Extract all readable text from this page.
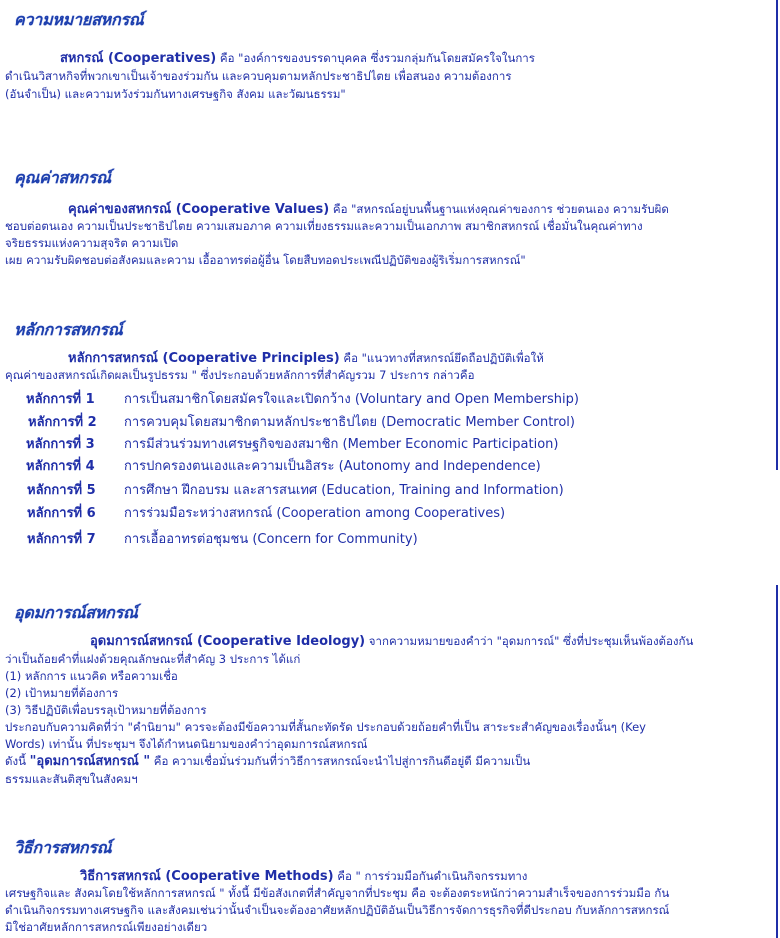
ความหมายสหกรณ์
สหกรณ์ (Cooperatives) คือ "องค์การของบรรดาบุคคล ซึ่งรวมกลุ่มกันโดยสมัครใจในการ
ดำเนินวิสาหกิจที่พวกเขาเป็นเจ้าของร่วมกัน และควบคุมตามหลักประชาธิปไตย เพื่อสนอง ความต้องการ
(อันจำเป็น) และความหวังร่วมกันทางเศรษฐกิจ สังคม และวัฒนธรรม"
คุณค่าสหกรณ์
คุณค่าของสหกรณ์ (Cooperative Values) คือ "สหกรณ์อยู่บนพื้นฐานแห่งคุณค่าของการ ช่วยตนเอง ความรับผิด
ชอบต่อตนเอง ความเป็นประชาธิปไตย ความเสมอภาค ความเที่ยงธรรมและความเป็นเอกภาพ สมาชิกสหกรณ์ เชื่อมั่นในคุณค่าทาง
จริยธรรมแห่งความสุจริต ความเปิด
เผย ความรับผิดชอบต่อสังคมและความ เอื้ออาทรต่อผู้อื่น โดยสืบทอดประเพณีปฏิบัติของผู้ริเริ่มการสหกรณ์"
หลักการสหกรณ์
หลักการสหกรณ์ (Cooperative Principles) คือ "แนวทางที่สหกรณ์ยึดถือปฏิบัติเพื่อให้
คุณค่าของสหกรณ์เกิดผลเป็นรูปธรรม " ซึ่งประกอบด้วยหลักการที่สำคัญรวม 7 ประการ กล่าวคือ
หลักการที่ 1 การเป็นสมาชิกโดยสมัครใจและเปิดกว้าง (Voluntary and Open Membership)
หลักการที่ 2 การควบคุมโดยสมาชิกตามหลักประชาธิปไตย (Democratic Member Control)
หลักการที่ 3 การมีส่วนร่วมทางเศรษฐกิจของสมาชิก (Member Economic Participation)
หลักการที่ 4 การปกครองตนเองและความเป็นอิสระ (Autonomy and Independence)
หลักการที่ 5 การศึกษา ฝึกอบรม และสารสนเทศ (Education, Training and Information)
หลักการที่ 6 การร่วมมือระหว่างสหกรณ์ (Cooperation among Cooperatives)
หลักการที่ 7 การเอื้ออาทรต่อชุมชน (Concern for Community)
อุดมการณ์สหกรณ์
อุดมการณ์สหกรณ์ (Cooperative Ideology) จากความหมายของคำว่า "อุดมการณ์" ซึ่งที่ประชุมเห็นพ้องต้องกัน
ว่าเป็นถ้อยคำที่แฝงด้วยคุณลักษณะที่สำคัญ 3 ประการ ได้แก่
(1) หลักการ แนวคิด หรือความเชื่อ
(2) เป้าหมายที่ต้องการ
(3) วิธีปฏิบัติเพื่อบรรลุเป้าหมายที่ต้องการ
ประกอบกับความคิดที่ว่า "คำนิยาม" ควรจะต้องมีข้อความที่สั้นกะทัดรัด ประกอบด้วยถ้อยคำที่เป็น สาระระสำคัญของเรื่องนั้นๆ (Key
Words) เท่านั้น ที่ประชุมฯ จึงได้กำหนดนิยามของคำว่าอุดมการณ์สหกรณ์
ดังนี้ "อุดมการณ์สหกรณ์ " คือ ความเชื่อมั่นร่วมกันที่ว่าวิธีการสหกรณ์จะนำไปสู่การกินดีอยู่ดี มีความเป็น
ธรรมและสันติสุขในสังคมฯ
วิธีการสหกรณ์
วิธีการสหกรณ์ (Cooperative Methods) คือ " การร่วมมือกันดำเนินกิจกรรมทาง
เศรษฐกิจและ สังคมโดยใช้หลักการสหกรณ์ " ทั้งนี้ มีข้อสังเกตที่สำคัญจากที่ประชุม คือ จะต้องตระหนักว่าความสำเร็จของการร่วมมือ กัน
ดำเนินกิจกรรมทางเศรษฐกิจ และสังคมเช่นว่านั้นจำเป็นจะต้องอาศัยหลักปฏิบัติอันเป็นวิธีการจัดการธุรกิจที่ดีประกอบ กับหลักการสหกรณ์
มิใช่อาศัยหลักการสหกรณ์เพียงอย่างเดียว
